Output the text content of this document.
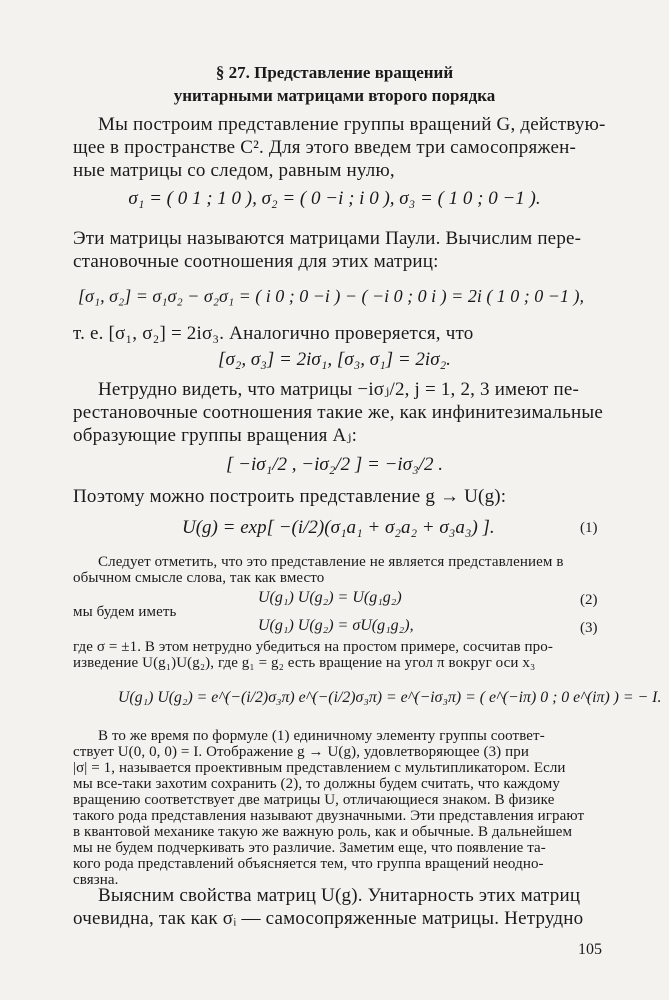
§ 27. Представление вращений
унитарными матрицами второго порядка
Мы построим представление группы вращений G, действую-
щее в пространстве C². Для этого введем три самосопряжен-
ные матрицы со следом, равным нулю,
σ₁ = ( 0 1 ; 1 0 ), σ₂ = ( 0 −i ; i 0 ), σ₃ = ( 1 0 ; 0 −1 ).
Эти матрицы называются матрицами Паули. Вычислим пере-
становочные соотношения для этих матриц:
[σ₁, σ₂] = σ₁σ₂ − σ₂σ₁ = ( i 0 ; 0 −i ) − ( −i 0 ; 0 i ) = 2i ( 1 0 ; 0 −1 ),
т. е. [σ₁, σ₂] = 2iσ₃. Аналогично проверяется, что
[σ₂, σ₃] = 2iσ₁, [σ₃, σ₁] = 2iσ₂.
Нетрудно видеть, что матрицы −iσⱼ/2, j = 1, 2, 3 имеют пе-
рестановочные соотношения такие же, как инфинитезимальные
образующие группы вращения Aⱼ:
[ −iσ₁/2 , −iσ₂/2 ] = −iσ₃/2 .
Поэтому можно построить представление g → U(g):
U(g) = exp[ −(i/2)(σ₁a₁ + σ₂a₂ + σ₃a₃) ].	(1)
Следует отметить, что это представление не является представлением в
обычном смысле слова, так как вместо
U(g₁) U(g₂) = U(g₁g₂)	(2)
мы будем иметь
U(g₁) U(g₂) = σU(g₁g₂),	(3)
где σ = ±1. В этом нетрудно убедиться на простом примере, сосчитав про-
изведение U(g₁)U(g₂), где g₁ = g₂ есть вращение на угол π вокруг оси x₃
U(g₁) U(g₂) = e^(−(i/2)σ₃π) e^(−(i/2)σ₃π) = e^(−iσ₃π) = ( e^(−iπ) 0 ; 0 e^(iπ) ) = − I.
В то же время по формуле (1) единичному элементу группы соответ-
ствует U(0, 0, 0) = I. Отображение g → U(g), удовлетворяющее (3) при
|σ| = 1, называется проективным представлением с мультипликатором. Если
мы все-таки захотим сохранить (2), то должны будем считать, что каждому
вращению соответствует две матрицы U, отличающиеся знаком. В физике
такого рода представления называют двузначными. Эти представления играют
в квантовой механике такую же важную роль, как и обычные. В дальнейшем
мы не будем подчеркивать это различие. Заметим еще, что появление та-
кого рода представлений объясняется тем, что группа вращений неодно-
связна.
Выясним свойства матриц U(g). Унитарность этих матриц
очевидна, так как σᵢ — самосопряженные матрицы. Нетрудно
105
